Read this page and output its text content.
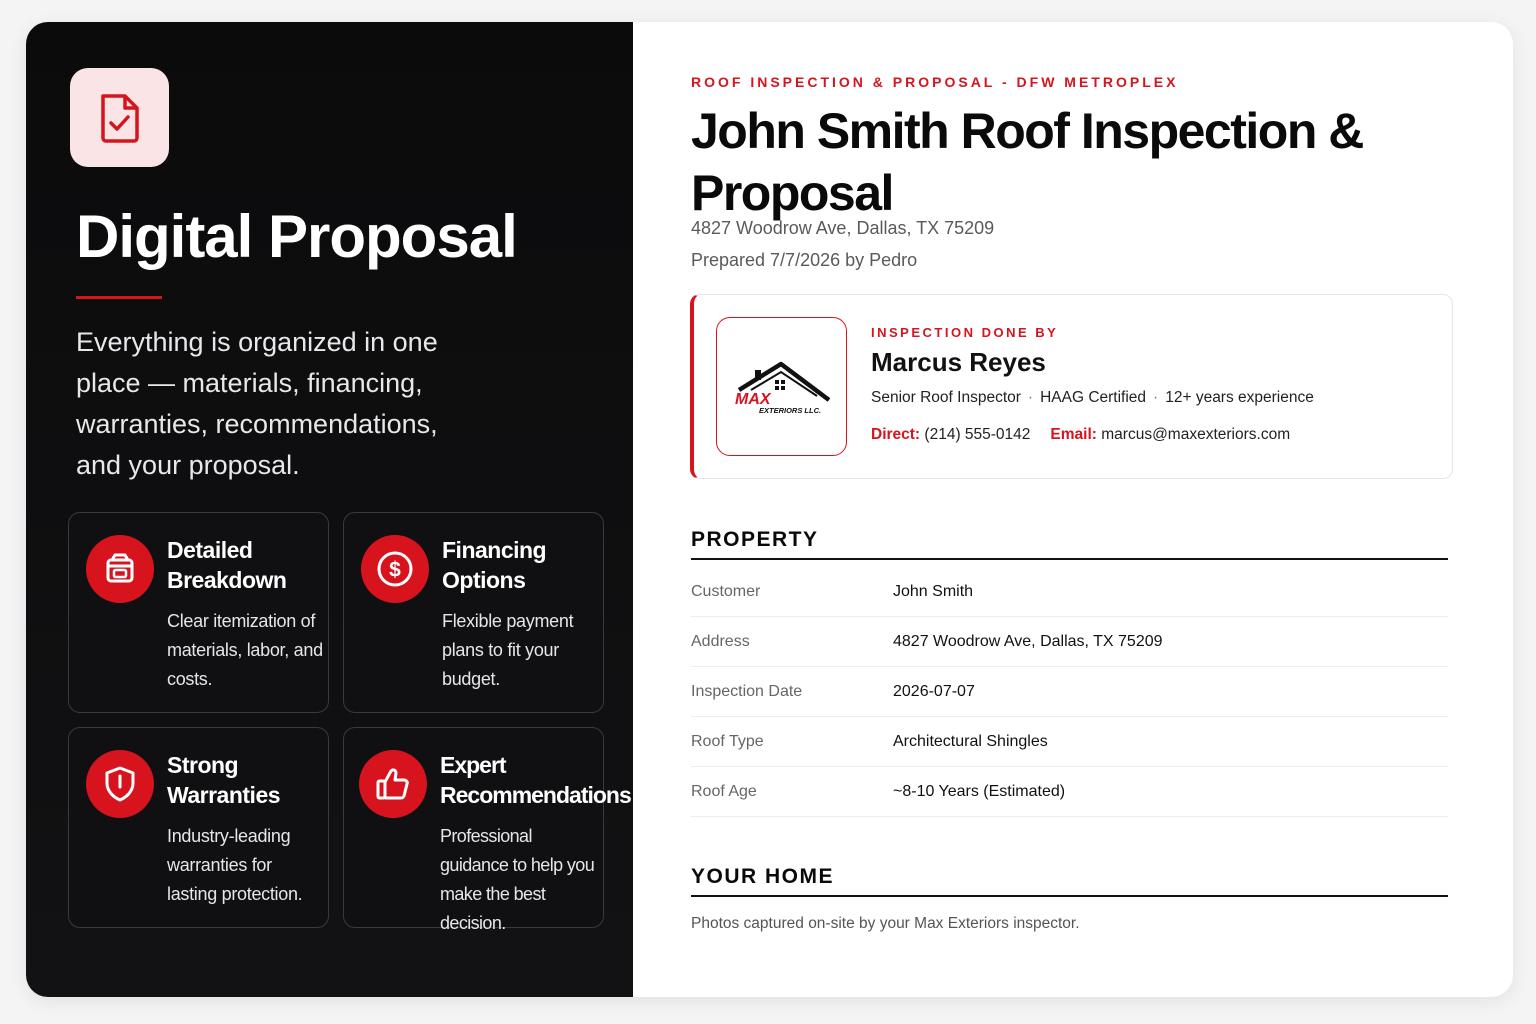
Digital Proposal

Everything is organized in one place — materials, financing, warranties, recommendations, and your proposal.

Detailed Breakdown

Clear itemization of materials, labor, and costs.

$

Financing Options

Flexible payment plans to fit your budget.

Strong Warranties

Industry-leading warranties for lasting protection.

Expert Recommendations

Professional guidance to help you make the best decision.

ROOF INSPECTION & PROPOSAL - DFW METROPLEX

John Smith Roof Inspection & Proposal

4827 Woodrow Ave, Dallas, TX 75209

Prepared 7/7/2026 by Pedro

MAX
EXTERIORS LLC.

INSPECTION DONE BY

Marcus Reyes

Senior Roof Inspector · HAAG Certified · 12+ years experience

Direct: (214) 555-0142 Email: marcus@maxexteriors.com

PROPERTY
Customer	John Smith
Address	4827 Woodrow Ave, Dallas, TX 75209
Inspection Date	2026-07-07
Roof Type	Architectural Shingles
Roof Age	~8-10 Years (Estimated)
YOUR HOME

Photos captured on-site by your Max Exteriors inspector.
